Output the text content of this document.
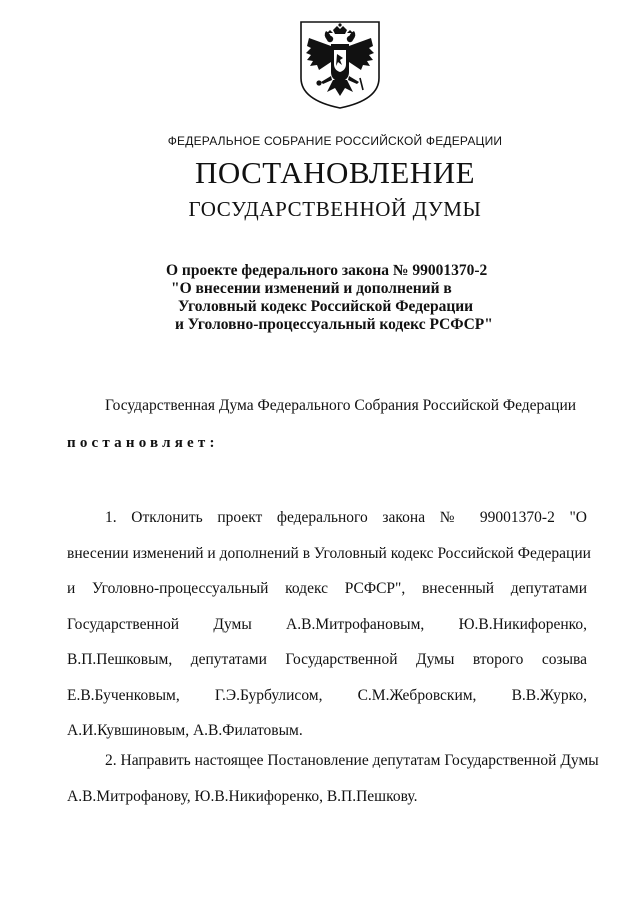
ФЕДЕРАЛЬНОЕ СОБРАНИЕ РОССИЙСКОЙ ФЕДЕРАЦИИ
ПОСТАНОВЛЕНИЕ
ГОСУДАРСТВЕННОЙ ДУМЫ
О проекте федерального закона № 99001370-2
"О внесении изменений и дополнений в
Уголовный кодекс Российской Федерации
и Уголовно-процессуальный кодекс РСФСР"
Государственная Дума Федерального Собрания Российской Федерации
постановляет:
1. Отклонить проект федерального закона № 99001370-2 "О
внесении изменений и дополнений в Уголовный кодекс Российской Федерации
и Уголовно-процессуальный кодекс РСФСР", внесенный депутатами
Государственной Думы А.В.Митрофановым, Ю.В.Никифоренко,
В.П.Пешковым, депутатами Государственной Думы второго созыва
Е.В.Бученковым, Г.Э.Бурбулисом, С.М.Жебровским, В.В.Журко,
А.И.Кувшиновым, А.В.Филатовым.
2. Направить настоящее Постановление депутатам Государственной Думы
А.В.Митрофанову, Ю.В.Никифоренко, В.П.Пешкову.
